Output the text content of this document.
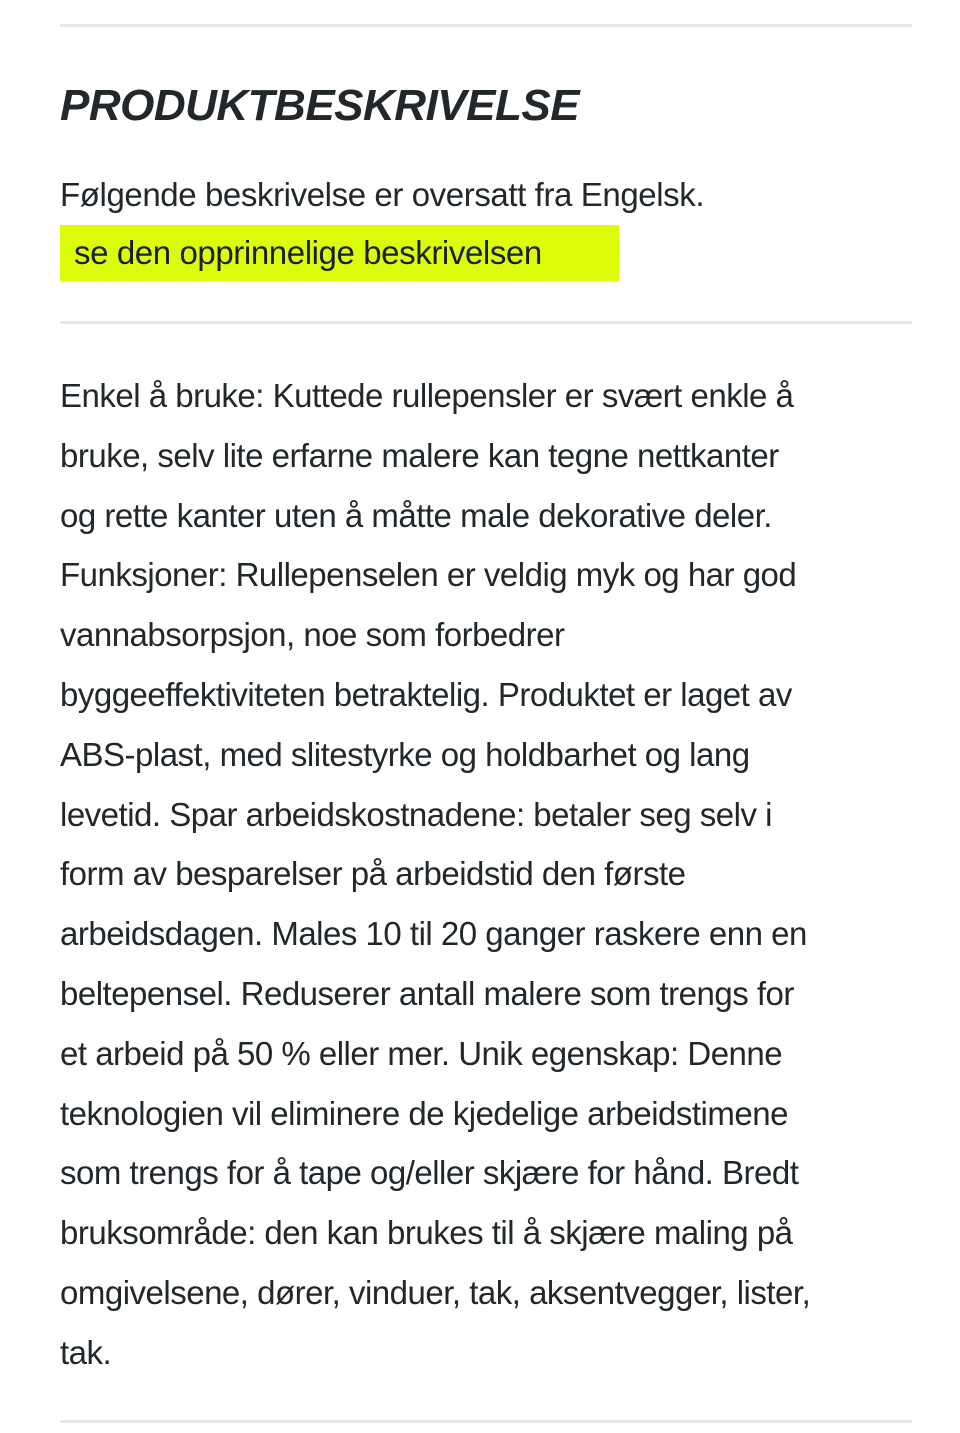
PRODUKTBESKRIVELSE
Følgende beskrivelse er oversatt fra Engelsk.
se den opprinnelige beskrivelsen
Enkel å bruke: Kuttede rullepensler er svært enkle å
bruke, selv lite erfarne malere kan tegne nettkanter
og rette kanter uten å måtte male dekorative deler.
Funksjoner: Rullepenselen er veldig myk og har god
vannabsorpsjon, noe som forbedrer
byggeeffektiviteten betraktelig. Produktet er laget av
ABS-plast, med slitestyrke og holdbarhet og lang
levetid. Spar arbeidskostnadene: betaler seg selv i
form av besparelser på arbeidstid den første
arbeidsdagen. Males 10 til 20 ganger raskere enn en
beltepensel. Reduserer antall malere som trengs for
et arbeid på 50 % eller mer. Unik egenskap: Denne
teknologien vil eliminere de kjedelige arbeidstimene
som trengs for å tape og/eller skjære for hånd. Bredt
bruksområde: den kan brukes til å skjære maling på
omgivelsene, dører, vinduer, tak, aksentvegger, lister,
tak.
